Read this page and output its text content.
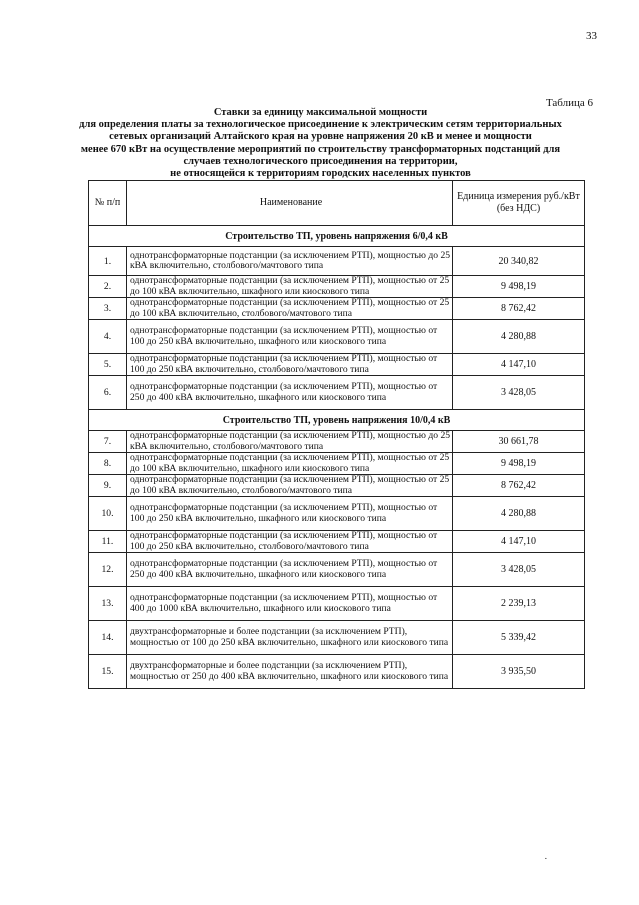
33
Таблица 6
Ставки за единицу максимальной мощности
для определения платы за технологическое присоединение к электрическим сетям территориальных
сетевых организаций Алтайского края на уровне напряжения 20 кВ и менее и мощности
менее 670 кВт на осуществление мероприятий по строительству трансформаторных подстанций для
случаев технологического присоединения на территории,
не относящейся к территориям городских населенных пунктов
№ п/п	Наименование	Единица измерения руб./кВт (без НДС)
Строительство ТП, уровень напряжения 6/0,4 кВ		
1.	однотрансформаторные подстанции (за исключением РТП), мощностью до 25 кВА включительно, столбового/мачтового типа	20 340,82
2.	однотрансформаторные подстанции (за исключением РТП), мощностью от 25 до 100 кВА включительно, шкафного или киоскового типа	9 498,19
3.	однотрансформаторные подстанции (за исключением РТП), мощностью от 25 до 100 кВА включительно, столбового/мачтового типа	8 762,42
4.	однотрансформаторные подстанции (за исключением РТП), мощностью от 100 до 250 кВА включительно, шкафного или киоскового типа	4 280,88
5.	однотрансформаторные подстанции (за исключением РТП), мощностью от 100 до 250 кВА включительно, столбового/мачтового типа	4 147,10
6.	однотрансформаторные подстанции (за исключением РТП), мощностью от 250 до 400 кВА включительно, шкафного или киоскового типа	3 428,05
Строительство ТП, уровень напряжения 10/0,4 кВ		
7.	однотрансформаторные подстанции (за исключением РТП), мощностью до 25 кВА включительно, столбового/мачтового типа	30 661,78
8.	однотрансформаторные подстанции (за исключением РТП), мощностью от 25 до 100 кВА включительно, шкафного или киоскового типа	9 498,19
9.	однотрансформаторные подстанции (за исключением РТП), мощностью от 25 до 100 кВА включительно, столбового/мачтового типа	8 762,42
10.	однотрансформаторные подстанции (за исключением РТП), мощностью от 100 до 250 кВА включительно, шкафного или киоскового типа	4 280,88
11.	однотрансформаторные подстанции (за исключением РТП), мощностью от 100 до 250 кВА включительно, столбового/мачтового типа	4 147,10
12.	однотрансформаторные подстанции (за исключением РТП), мощностью от 250 до 400 кВА включительно, шкафного или киоскового типа	3 428,05
13.	однотрансформаторные подстанции (за исключением РТП), мощностью от 400 до 1000 кВА включительно, шкафного или киоскового типа	2 239,13
14.	двухтрансформаторные и более подстанции (за исключением РТП), мощностью от 100 до 250 кВА включительно, шкафного или киоскового типа	5 339,42
15.	двухтрансформаторные и более подстанции (за исключением РТП), мощностью от 250 до 400 кВА включительно, шкафного или киоскового типа	3 935,50
.
